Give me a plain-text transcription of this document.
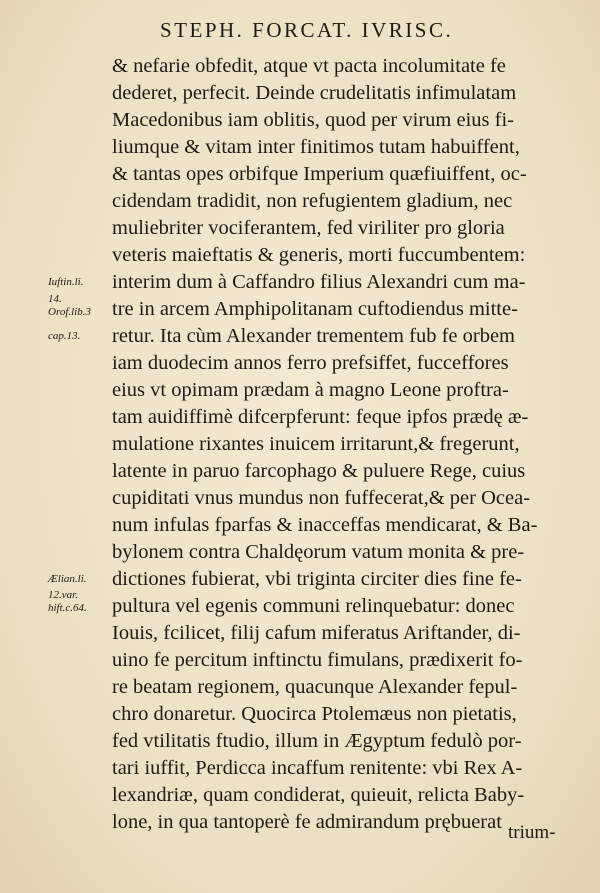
STEPH. FORCAT. IVRISC.
& nefarie obfedit, atque vt pacta incolumitate fe
dederet, perfecit. Deinde crudelitatis infimulatam
Macedonibus iam oblitis, quod per virum eius fi-
liumque & vitam inter finitimos tutam habuiffent,
& tantas opes orbifque Imperium quæfiuiffent, oc-
cidendam tradidit, non refugientem gladium, nec
muliebriter vociferantem, fed viriliter pro gloria
veteris maieftatis & generis, morti fuccumbentem:
interim dum à Caffandro filius Alexandri cum ma-
tre in arcem Amphipolitanam cuftodiendus mitte-
retur. Ita cùm Alexander trementem fub fe orbem
iam duodecim annos ferro prefsiffet, fucceffores
eius vt opimam prædam à magno Leone proftra-
tam auidiffimè difcerpferunt: feque ipfos prædę æ-
mulatione rixantes inuicem irritarunt,& fregerunt,
latente in paruo farcophago & puluere Rege, cuius
cupiditati vnus mundus non fuffecerat,& per Ocea-
num infulas fparfas & inacceffas mendicarat, & Ba-
bylonem contra Chaldęorum vatum monita & pre-
dictiones fubierat, vbi triginta circiter dies fine fe-
pultura vel egenis communi relinquebatur: donec
Iouis, fcilicet, filij cafum miferatus Ariftander, di-
uino fe percitum inftinctu fimulans, prædixerit fo-
re beatam regionem, quacunque Alexander fepul-
chro donaretur. Quocirca Ptolemæus non pietatis,
fed vtilitatis ftudio, illum in Ægyptum fedulò por-
tari iuffit, Perdicca incaffum renitente: vbi Rex A-
lexandriæ, quam condiderat, quieuit, relicta Baby-
lone, in qua tantoperè fe admirandum prębuerat
Iuftin.li.
14.
Orof.lib.3
cap.13.
Ælian.li.
12.var.
hift.c.64.
trium-
